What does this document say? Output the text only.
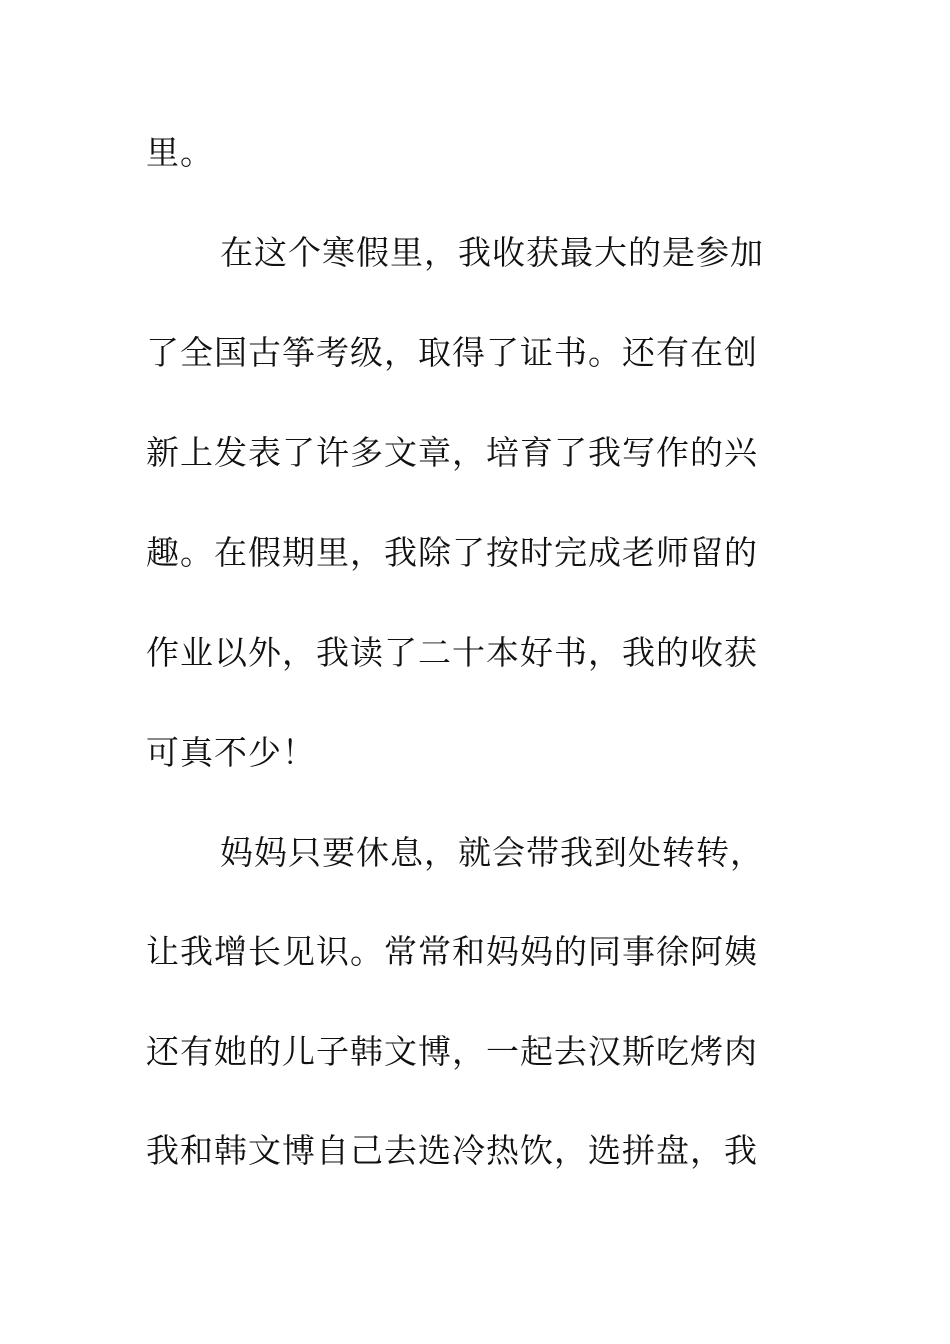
里。
在这个寒假里，我收获最大的是参加
了全国古筝考级，取得了证书。还有在创
新上发表了许多文章，培育了我写作的兴
趣。在假期里，我除了按时完成老师留的
作业以外，我读了二十本好书，我的收获
可真不少！
妈妈只要休息，就会带我到处转转，
让我增长见识。常常和妈妈的同事徐阿姨
还有她的儿子韩文博，一起去汉斯吃烤肉
我和韩文博自己去选冷热饮，选拼盘，我
